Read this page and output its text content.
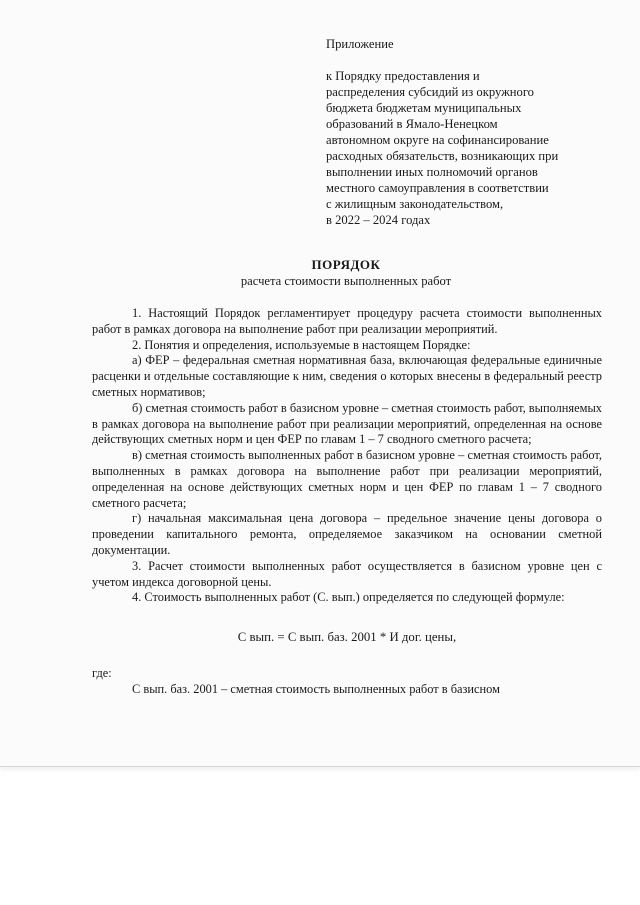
Приложение
к Порядку предоставления и
распределения субсидий из окружного
бюджета бюджетам муниципальных
образований в Ямало-Ненецком
автономном округе на софинансирование
расходных обязательств, возникающих при
выполнении иных полномочий органов
местного самоуправления в соответствии
с жилищным законодательством,
в 2022 – 2024 годах
ПОРЯДОК
расчета стоимости выполненных работ

1. Настоящий Порядок регламентирует процедуру расчета стоимости выполненных работ в рамках договора на выполнение работ при реализации мероприятий.

2. Понятия и определения, используемые в настоящем Порядке:

а) ФЕР – федеральная сметная нормативная база, включающая федеральные единичные расценки и отдельные составляющие к ним, сведения о которых внесены в федеральный реестр сметных нормативов;

б) сметная стоимость работ в базисном уровне – сметная стоимость работ, выполняемых в рамках договора на выполнение работ при реализации мероприятий, определенная на основе действующих сметных норм и цен ФЕР по главам 1 – 7 сводного сметного расчета;

в) сметная стоимость выполненных работ в базисном уровне – сметная стоимость работ, выполненных в рамках договора на выполнение работ при реализации мероприятий, определенная на основе действующих сметных норм и цен ФЕР по главам 1 – 7 сводного сметного расчета;

г) начальная максимальная цена договора – предельное значение цены договора о проведении капитального ремонта, определяемое заказчиком на основании сметной документации.

3. Расчет стоимости выполненных работ осуществляется в базисном уровне цен с учетом индекса договорной цены.

4. Стоимость выполненных работ (С. вып.) определяется по следующей формуле:

С вып. = С вып. баз. 2001 * И дог. цены,

где:

С вып. баз. 2001 – сметная стоимость выполненных работ в базисном
